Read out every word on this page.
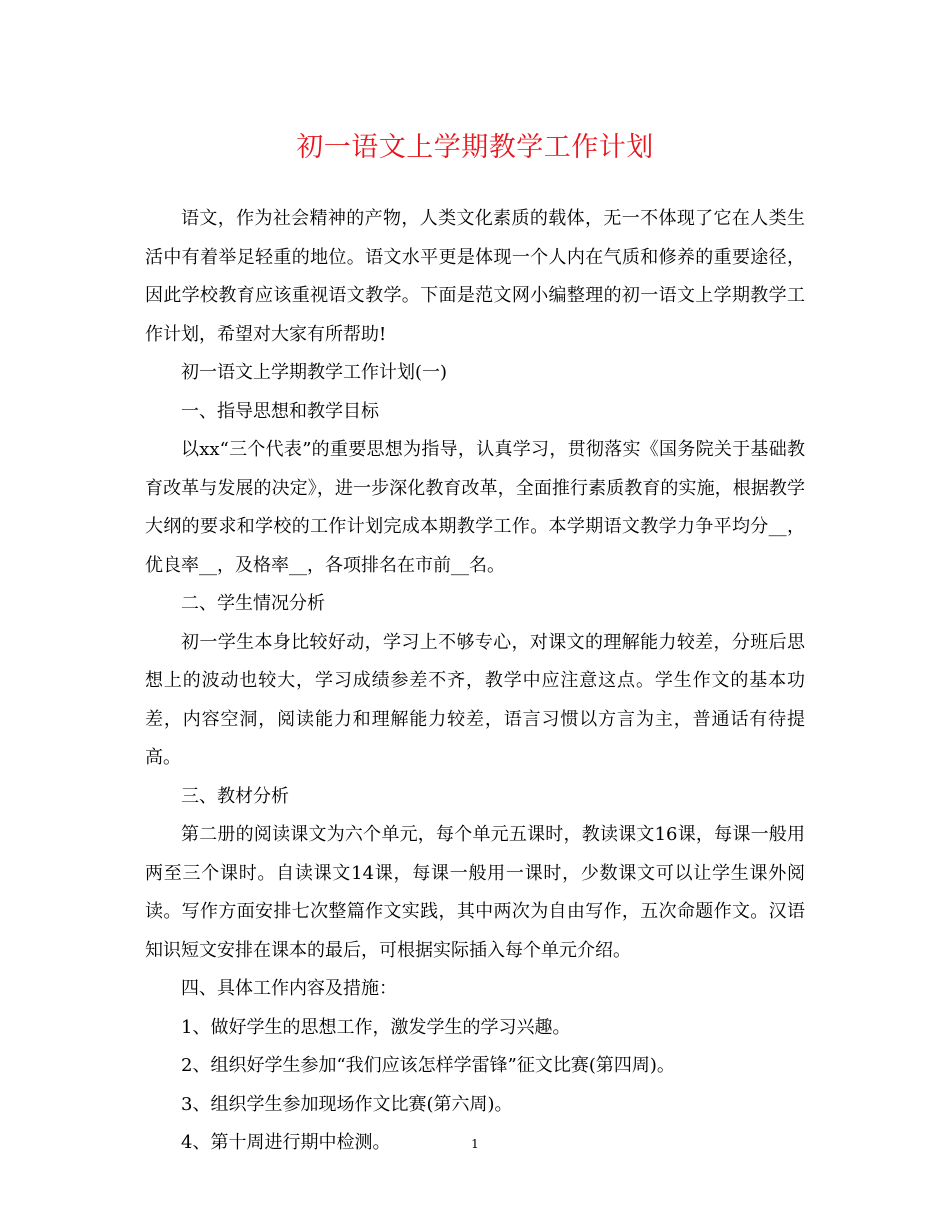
初一语文上学期教学工作计划

语文，作为社会精神的产物，人类文化素质的载体，无一不体现了它在人类生活中有着举足轻重的地位。语文水平更是体现一个人内在气质和修养的重要途径，因此学校教育应该重视语文教学。下面是范文网小编整理的初一语文上学期教学工作计划，希望对大家有所帮助!

初一语文上学期教学工作计划(一)

一、指导思想和教学目标

以xx“三个代表”的重要思想为指导，认真学习，贯彻落实《国务院关于基础教育改革与发展的决定》，进一步深化教育改革，全面推行素质教育的实施，根据教学大纲的要求和学校的工作计划完成本期教学工作。本学期语文教学力争平均分__，优良率__，及格率__，各项排名在市前__名。

二、学生情况分析

初一学生本身比较好动，学习上不够专心，对课文的理解能力较差，分班后思想上的波动也较大，学习成绩参差不齐，教学中应注意这点。学生作文的基本功差，内容空洞，阅读能力和理解能力较差，语言习惯以方言为主，普通话有待提高。

三、教材分析

第二册的阅读课文为六个单元，每个单元五课时，教读课文16课，每课一般用两至三个课时。自读课文14课，每课一般用一课时，少数课文可以让学生课外阅读。写作方面安排七次整篇作文实践，其中两次为自由写作，五次命题作文。汉语知识短文安排在课本的最后，可根据实际插入每个单元介绍。

四、具体工作内容及措施：

1、做好学生的思想工作，激发学生的学习兴趣。

2、组织好学生参加“我们应该怎样学雷锋”征文比赛(第四周)。

3、组织学生参加现场作文比赛(第六周)。

4、第十周进行期中检测。	1
